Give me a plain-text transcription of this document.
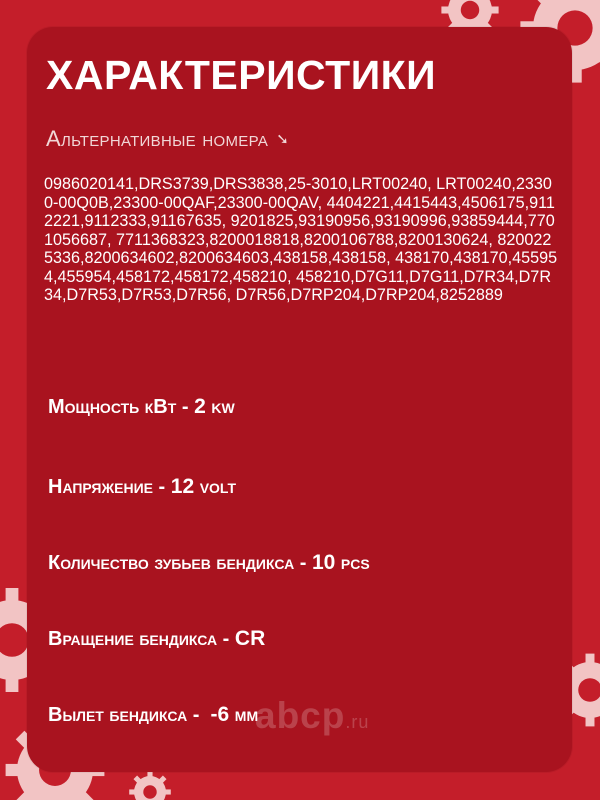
ХАРАКТЕРИСТИКИ
Альтернативные номера ➘
0986020141,DRS3739,DRS3838,25-3010,LRT00240, LRT00240,23300-00Q0B,23300-00QAF,23300-00QAV, 4404221,4415443,4506175,9112221,9112333,91167635, 9201825,93190956,93190996,93859444,7701056687, 7711368323,8200018818,8200106788,8200130624, 8200225336,8200634602,8200634603,438158,438158, 438170,438170,455954,455954,458172,458172,458210, 458210,D7G11,D7G11,D7R34,D7R34,D7R53,D7R53,D7R56, D7R56,D7RP204,D7RP204,8252889
Мощность кВт - 2 kw
Напряжение - 12 volt
Количество зубьев бендикса - 10 pcs
Вращение бендикса - CR
Вылет бендикса -  -6 мм
abcp.ru
